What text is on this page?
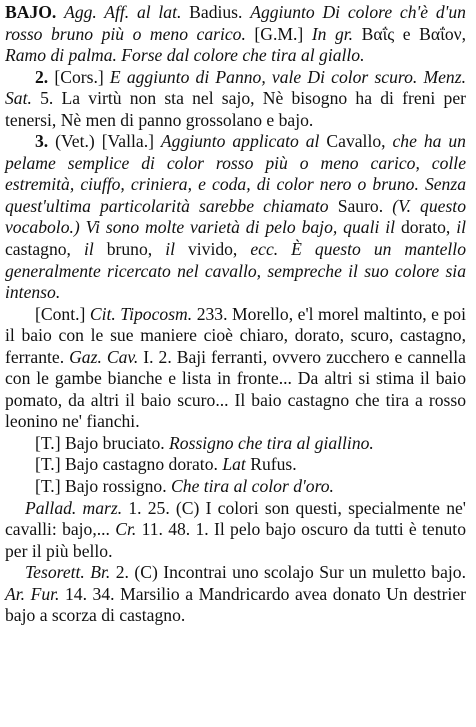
BAJO. Agg. Aff. al lat. Badius. Aggiunto Di colore ch'è d'un rosso bruno più o meno carico. [G.M.] In gr. Βαΐς e Βαΐον, Ramo di palma. Forse dal colore che tira al giallo.

2. [Cors.] E aggiunto di Panno, vale Di color scuro. Menz. Sat. 5. La virtù non sta nel sajo, Nè bisogno ha di freni per tenersi, Nè men di panno grossolano e bajo.

3. (Vet.) [Valla.] Aggiunto applicato al Cavallo, che ha un pelame semplice di color rosso più o meno carico, colle estremità, ciuffo, criniera, e coda, di color nero o bruno. Senza quest'ultima particolarità sarebbe chiamato Sauro. (V. questo vocabolo.) Vi sono molte varietà di pelo bajo, quali il dorato, il castagno, il bruno, il vivido, ecc. È questo un mantello generalmente ricercato nel cavallo, sempreche il suo colore sia intenso.

[Cont.] Cit. Tipocosm. 233. Morello, e'l morel maltinto, e poi il baio con le sue maniere cioè chiaro, dorato, scuro, castagno, ferrante. Gaz. Cav. I. 2. Baji ferranti, ovvero zucchero e cannella con le gambe bianche e lista in fronte... Da altri si stima il baio pomato, da altri il baio scuro... Il baio castagno che tira a rosso leonino ne' fianchi.

[T.] Bajo bruciato. Rossigno che tira al giallino.

[T.] Bajo castagno dorato. Lat Rufus.

[T.] Bajo rossigno. Che tira al color d'oro.

Pallad. marz. 1. 25. (C) I colori son questi, specialmente ne' cavalli: bajo,... Cr. 11. 48. 1. Il pelo bajo oscuro da tutti è tenuto per il più bello.

Tesorett. Br. 2. (C) Incontrai uno scolajo Sur un muletto bajo. Ar. Fur. 14. 34. Marsilio a Mandricardo avea donato Un destrier bajo a scorza di castagno.
